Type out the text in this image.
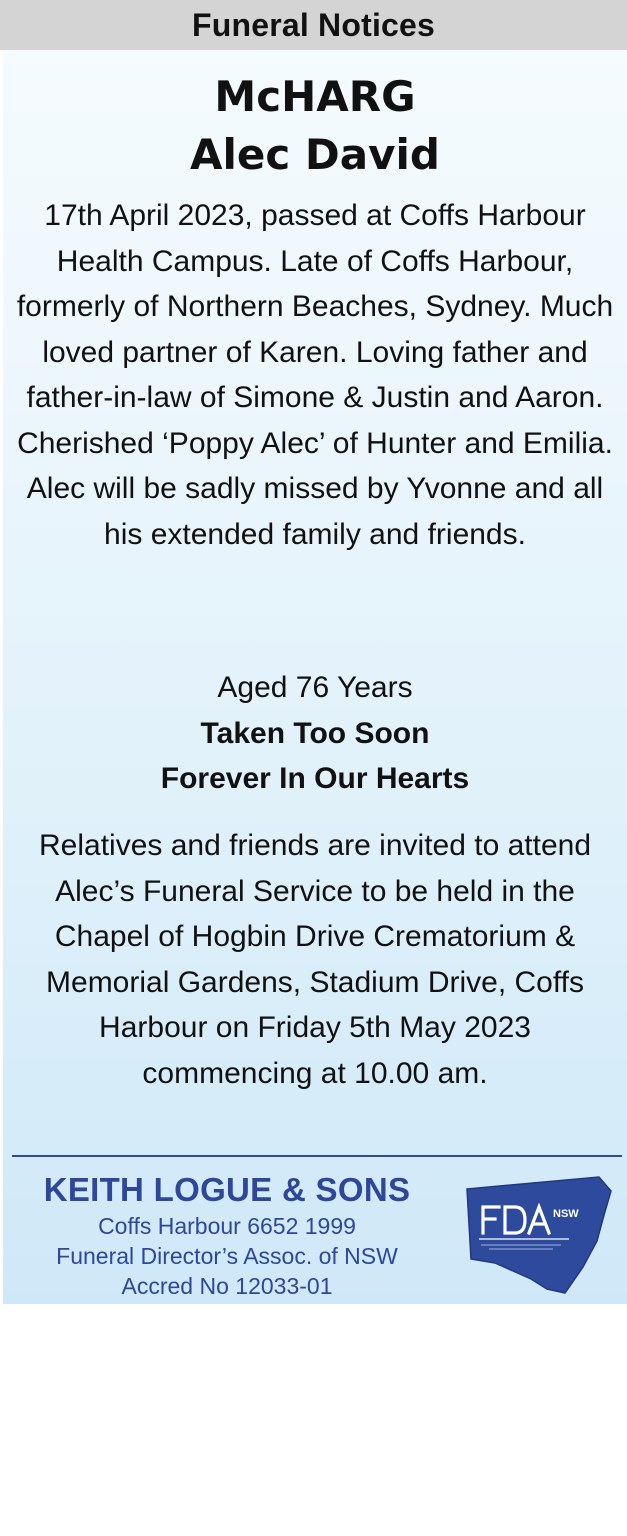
Funeral Notices
McHARG
Alec David

17th April 2023, passed at Coffs Harbour Health Campus. Late of Coffs Harbour, formerly of Northern Beaches, Sydney. Much loved partner of Karen. Loving father and father-in-law of Simone & Justin and Aaron. Cherished ‘Poppy Alec’ of Hunter and Emilia. Alec will be sadly missed by Yvonne and all his extended family and friends.

Aged 76 Years
Taken Too Soon
Forever In Our Hearts

Relatives and friends are invited to attend Alec’s Funeral Service to be held in the Chapel of Hogbin Drive Crematorium & Memorial Gardens, Stadium Drive, Coffs Harbour on Friday 5th May 2023 commencing at 10.00 am.

KEITH LOGUE & SONS
Coffs Harbour 6652 1999
Funeral Director’s Assoc. of NSW
Accred No 12033-01
NSW
